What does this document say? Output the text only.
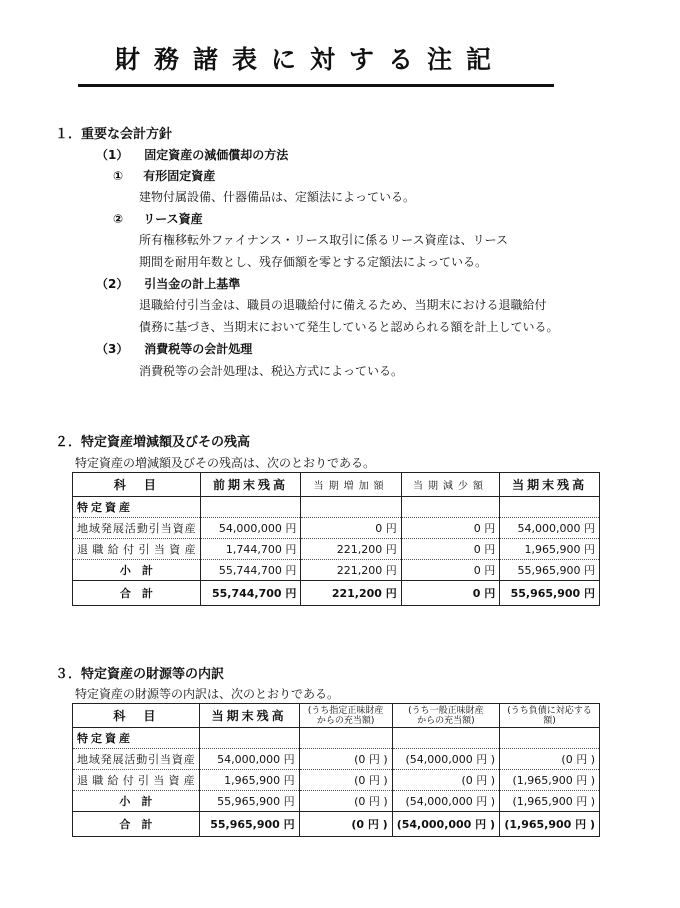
財務諸表に対する注記
１．重要な会計方針
（1） 固定資産の減価償却の方法
① 有形固定資産
建物付属設備、什器備品は、定額法によっている。
② リース資産
所有権移転外ファイナンス・リース取引に係るリース資産は、リース
期間を耐用年数とし、残存価額を零とする定額法によっている。
（2） 引当金の計上基準
退職給付引当金は、職員の退職給付に備えるため、当期末における退職給付
債務に基づき、当期末において発生していると認められる額を計上している。
（3） 消費税等の会計処理
消費税等の会計処理は、税込方式によっている。
２．特定資産増減額及びその残高
特定資産の増減額及びその残高は、次のとおりである。
科　目	前期末残高	当期増加額	当期減少額	当期末残高
特定資産				
地域発展活動引当資産	54,000,000 円	0 円	0 円	54,000,000 円
退職給付引当資産	1,744,700 円	221,200 円	0 円	1,965,900 円
小　計	55,744,700 円	221,200 円	0 円	55,965,900 円
合　計	55,744,700 円	221,200 円	0 円	55,965,900 円
３．特定資産の財源等の内訳
特定資産の財源等の内訳は、次のとおりである。
科　目	当期末残高	(うち指定正味財産
からの充当額)	(うち一般正味財産
からの充当額)	(うち負債に対応する額)
特定資産				
地域発展活動引当資産	54,000,000 円	(0 円 )	(54,000,000 円 )	(0 円 )
退職給付引当資産	1,965,900 円	(0 円 )	(0 円 )	(1,965,900 円 )
小　計	55,965,900 円	(0 円 )	(54,000,000 円 )	(1,965,900 円 )
合　計	55,965,900 円	(0 円 )	(54,000,000 円 )	(1,965,900 円 )
